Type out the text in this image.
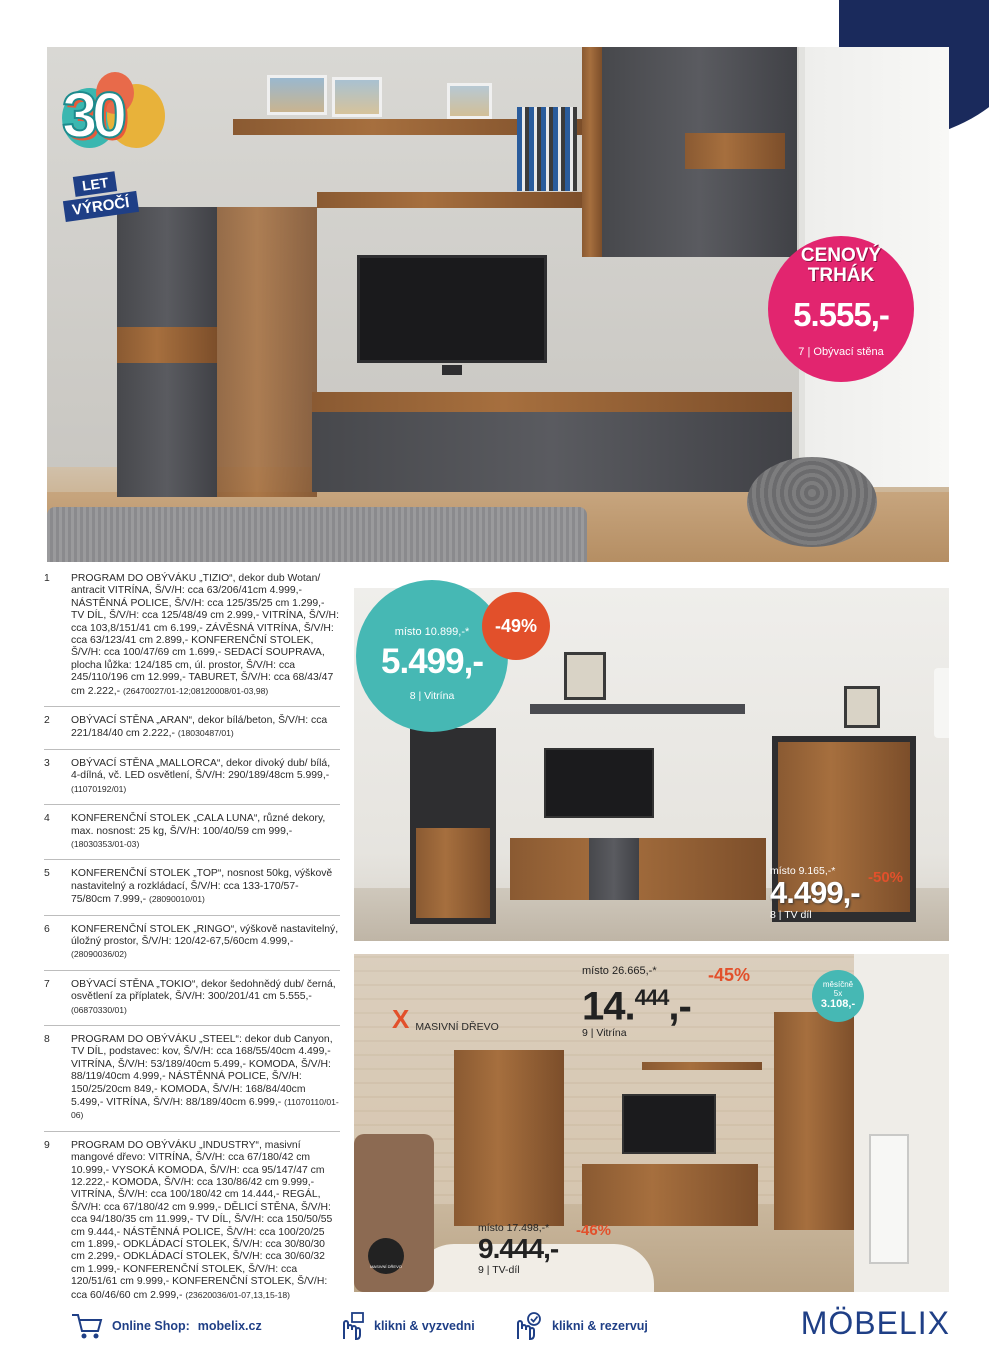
30
LET
VÝROČÍ
CENOVÝ TRHÁK
5.555,-
7 | Obývací stěna
1 PROGRAM DO OBÝVÁKU „TIZIO“, dekor dub Wotan/ antracit VITRÍNA, Š/V/H: cca 63/206/41cm 4.999,- NÁSTĚNNÁ POLICE, Š/V/H: cca 125/35/25 cm 1.299,- TV DÍL, Š/V/H: cca 125/48/49 cm 2.999,- VITRÍNA, Š/V/H: cca 103,8/151/41 cm 6.199,- ZÁVĚSNÁ VITRÍNA, Š/V/H: cca 63/123/41 cm 2.899,- KONFERENČNÍ STOLEK, Š/V/H: cca 100/47/69 cm 1.699,- SEDACÍ SOUPRAVA, plocha lůžka: 124/185 cm, úl. prostor, Š/V/H: cca 245/110/196 cm 12.999,- TABURET, Š/V/H: cca 68/43/47 cm 2.222,- (26470027/01-12;08120008/01-03,98)
2 OBÝVACÍ STĚNA „ARAN“, dekor bílá/beton, Š/V/H: cca 221/184/40 cm 2.222,- (18030487/01)
3 OBÝVACÍ STĚNA „MALLORCA“, dekor divoký dub/ bílá, 4-dílná, vč. LED osvětlení, Š/V/H: 290/189/48cm 5.999,- (11070192/01)
4 KONFERENČNÍ STOLEK „CALA LUNA“, různé dekory, max. nosnost: 25 kg, Š/V/H: 100/40/59 cm 999,- (18030353/01-03)
5 KONFERENČNÍ STOLEK „TOP“, nosnost 50kg, výškově nastavitelný a rozkládací, Š/V/H: cca 133-170/57- 75/80cm 7.999,- (28090010/01)
6 KONFERENČNÍ STOLEK „RINGO“, výškově nastavitelný, úložný prostor, Š/V/H: 120/42-67,5/60cm 4.999,- (28090036/02)
7 OBÝVACÍ STĚNA „TOKIO“, dekor šedohnědý dub/ černá, osvětlení za příplatek, Š/V/H: 300/201/41 cm 5.555,- (06870330/01)
8 PROGRAM DO OBÝVÁKU „STEEL“: dekor dub Canyon, TV DÍL, podstavec: kov, Š/V/H: cca 168/55/40cm 4.499,- VITRÍNA, Š/V/H: 53/189/40cm 5.499,- KOMODA, Š/V/H: 88/119/40cm 4.999,- NÁSTĚNNÁ POLICE, Š/V/H: 150/25/20cm 849,- KOMODA, Š/V/H: 168/84/40cm 5.499,- VITRÍNA, Š/V/H: 88/189/40cm 6.999,- (11070110/01-06)
9 PROGRAM DO OBÝVÁKU „INDUSTRY“, masivní mangové dřevo: VITRÍNA, Š/V/H: cca 67/180/42 cm 10.999,- VYSOKÁ KOMODA, Š/V/H: cca 95/147/47 cm 12.222,- KOMODA, Š/V/H: cca 130/86/42 cm 9.999,- VITRÍNA, Š/V/H: cca 100/180/42 cm 14.444,- REGÁL, Š/V/H: cca 67/180/42 cm 9.999,- DĚLICÍ STĚNA, Š/V/H: cca 94/180/35 cm 11.999,- TV DÍL, Š/V/H: cca 150/50/55 cm 9.444,- NÁSTĚNNÁ POLICE, Š/V/H: cca 100/20/25 cm 1.899,- ODKLÁDACÍ STOLEK, Š/V/H: cca 30/80/30 cm 2.299,- ODKLÁDACÍ STOLEK, Š/V/H: cca 30/60/32 cm 1.999,- KONFERENČNÍ STOLEK, Š/V/H: cca 120/51/61 cm 9.999,- KONFERENČNÍ STOLEK, Š/V/H: cca 60/46/60 cm 2.999,- (23620036/01-07,13,15-18)
místo 10.899,-*
5.499,-
8 | Vitrína
-49%
místo 9.165,-*
4.499,-
8 | TV díl
-50%
X MASIVNÍ DŘEVO
místo 26.665,-*
14.$^{444}$,-
9 | Vitrína
-45%	měsíčně
5x
3.108,-
MASIVNÍ DŘEVO
místo 17.498,-*
9.444,-
9 | TV-díl
-46%
Online Shop: mobelix.cz	klikni & vyzvedni	klikni & rezervuj	MÖBELIX
